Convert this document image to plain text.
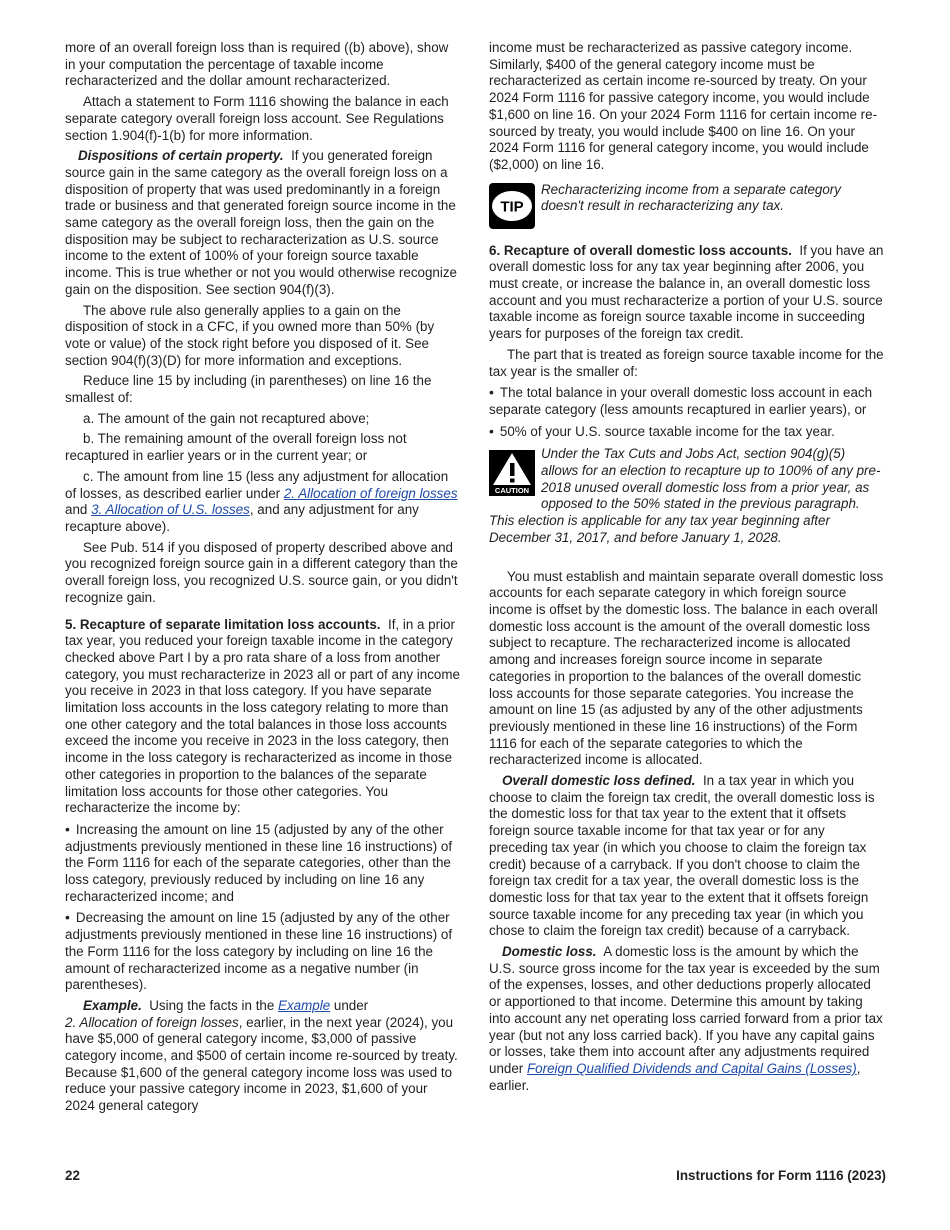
more of an overall foreign loss than is required ((b) above), show in your computation the percentage of taxable income recharacterized and the dollar amount recharacterized.

Attach a statement to Form 1116 showing the balance in each separate category overall foreign loss account. See Regulations section 1.904(f)-1(b) for more information.

Dispositions of certain property. If you generated foreign source gain in the same category as the overall foreign loss on a disposition of property that was used predominantly in a foreign trade or business and that generated foreign source income in the same category as the overall foreign loss, then the gain on the disposition may be subject to recharacterization as U.S. source income to the extent of 100% of your foreign source taxable income. This is true whether or not you would otherwise recognize gain on the disposition. See section 904(f)(3).

The above rule also generally applies to a gain on the disposition of stock in a CFC, if you owned more than 50% (by vote or value) of the stock right before you disposed of it. See section 904(f)(3)(D) for more information and exceptions.

Reduce line 15 by including (in parentheses) on line 16 the smallest of:

a. The amount of the gain not recaptured above;

b. The remaining amount of the overall foreign loss not recaptured in earlier years or in the current year; or

c. The amount from line 15 (less any adjustment for allocation of losses, as described earlier under 2. Allocation of foreign losses and 3. Allocation of U.S. losses, and any adjustment for any recapture above).

See Pub. 514 if you disposed of property described above and you recognized foreign source gain in a different category than the overall foreign loss, you recognized U.S. source gain, or you didn't recognize gain.

5. Recapture of separate limitation loss accounts. If, in a prior tax year, you reduced your foreign taxable income in the category checked above Part I by a pro rata share of a loss from another category, you must recharacterize in 2023 all or part of any income you receive in 2023 in that loss category. If you have separate limitation loss accounts in the loss category relating to more than one other category and the total balances in those loss accounts exceed the income you receive in 2023 in the loss category, then income in the loss category is recharacterized as income in those other categories in proportion to the balances of the separate limitation loss accounts for those other categories. You recharacterize the income by:

• Increasing the amount on line 15 (adjusted by any of the other adjustments previously mentioned in these line 16 instructions) of the Form 1116 for each of the separate categories, other than the loss category, previously reduced by including on line 16 any recharacterized income; and

• Decreasing the amount on line 15 (adjusted by any of the other adjustments previously mentioned in these line 16 instructions) of the Form 1116 for the loss category by including on line 16 the amount of recharacterized income as a negative number (in parentheses).

Example. Using the facts in the Example under
2. Allocation of foreign losses, earlier, in the next year (2024), you have $5,000 of general category income, $3,000 of passive category income, and $500 of certain income re-sourced by treaty. Because $1,600 of the general category income loss was used to reduce your passive category income in 2023, $1,600 of your 2024 general category

income must be recharacterized as passive category income. Similarly, $400 of the general category income must be recharacterized as certain income re-sourced by treaty. On your 2024 Form 1116 for passive category income, you would include $1,600 on line 16. On your 2024 Form 1116 for certain income re-sourced by treaty, you would include $400 on line 16. On your 2024 Form 1116 for general category income, you would include ($2,000) on line 16.

TIP
Recharacterizing income from a separate category doesn't result in recharacterizing any tax.

6. Recapture of overall domestic loss accounts. If you have an overall domestic loss for any tax year beginning after 2006, you must create, or increase the balance in, an overall domestic loss account and you must recharacterize a portion of your U.S. source taxable income as foreign source taxable income in succeeding years for purposes of the foreign tax credit.

The part that is treated as foreign source taxable income for the tax year is the smaller of:

• The total balance in your overall domestic loss account in each separate category (less amounts recaptured in earlier years), or

• 50% of your U.S. source taxable income for the tax year.

CAUTION
Under the Tax Cuts and Jobs Act, section 904(g)(5) allows for an election to recapture up to 100% of any pre-2018 unused overall domestic loss from a prior year, as opposed to the 50% stated in the previous paragraph. This election is applicable for any tax year beginning after December 31, 2017, and before January 1, 2028.

You must establish and maintain separate overall domestic loss accounts for each separate category in which foreign source income is offset by the domestic loss. The balance in each overall domestic loss account is the amount of the overall domestic loss subject to recapture. The recharacterized income is allocated among and increases foreign source income in separate categories in proportion to the balances of the overall domestic loss accounts for those separate categories. You increase the amount on line 15 (as adjusted by any of the other adjustments previously mentioned in these line 16 instructions) of the Form 1116 for each of the separate categories to which the recharacterized income is allocated.

Overall domestic loss defined. In a tax year in which you choose to claim the foreign tax credit, the overall domestic loss is the domestic loss for that tax year to the extent that it offsets foreign source taxable income for that tax year or for any preceding tax year (in which you choose to claim the foreign tax credit) because of a carryback. If you don't choose to claim the foreign tax credit for a tax year, the overall domestic loss is the domestic loss for that tax year to the extent that it offsets foreign source taxable income for any preceding tax year (in which you chose to claim the foreign tax credit) because of a carryback.

Domestic loss. A domestic loss is the amount by which the U.S. source gross income for the tax year is exceeded by the sum of the expenses, losses, and other deductions properly allocated or apportioned to that income. Determine this amount by taking into account any net operating loss carried forward from a prior tax year (but not any loss carried back). If you have any capital gains or losses, take them into account after any adjustments required under Foreign Qualified Dividends and Capital Gains (Losses), earlier.

22	Instructions for Form 1116 (2023)
